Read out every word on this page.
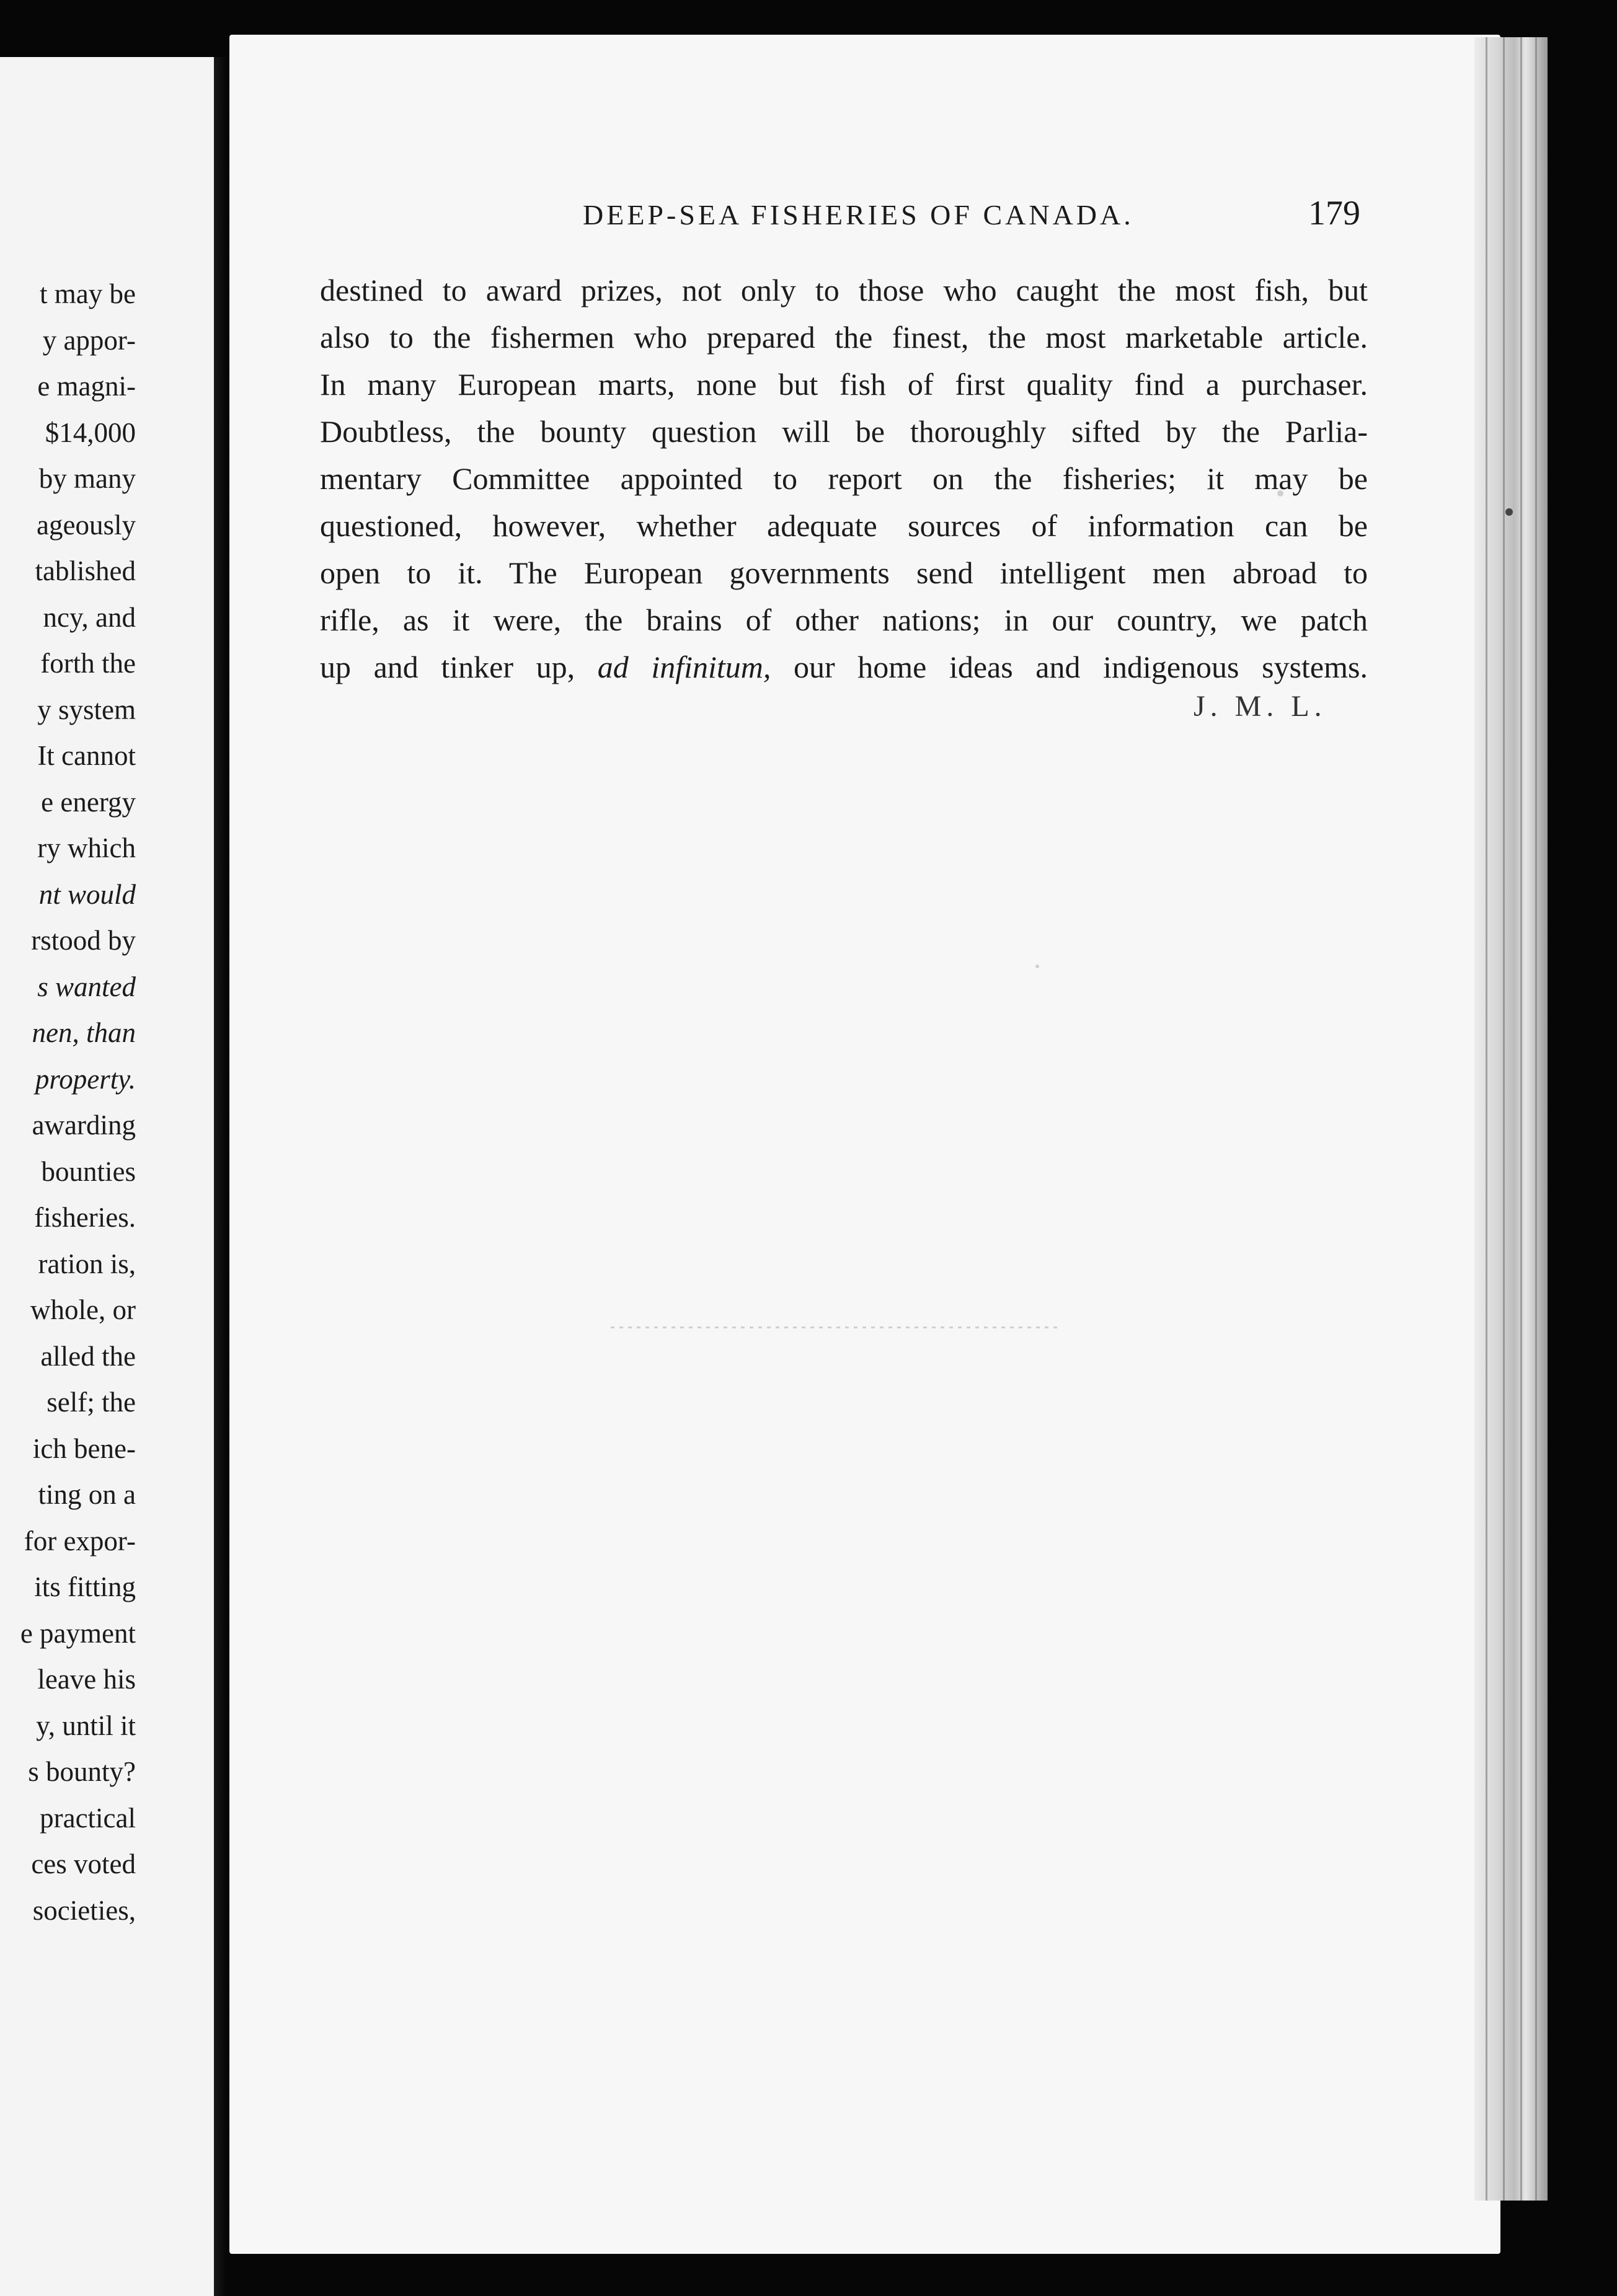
t may be
y appor-
e magni-
$14,000
by many
ageously
tablished
ncy, and
forth the
y system
It cannot
e energy
ry which
nt would
rstood by
s wanted
nen, than
property.
awarding
bounties
fisheries.
ration is,
whole, or
alled the
self; the
ich bene-
ting on a
for expor-
its fitting
e payment
leave his
y, until it
s bounty?
practical
ces voted
societies,
DEEP-SEA FISHERIES OF CANADA.	179
destined to award prizes, not only to those who caught the most fish, but
also to the fishermen who prepared the finest, the most marketable article.
In many European marts, none but fish of first quality find a purchaser.
Doubtless, the bounty question will be thoroughly sifted by the Parlia-
mentary Committee appointed to report on the fisheries; it may be
questioned, however, whether adequate sources of information can be
open to it. The European governments send intelligent men abroad to
rifle, as it were, the brains of other nations; in our country, we patch
up and tinker up, ad infinitum, our home ideas and indigenous systems.
J. M. L.
